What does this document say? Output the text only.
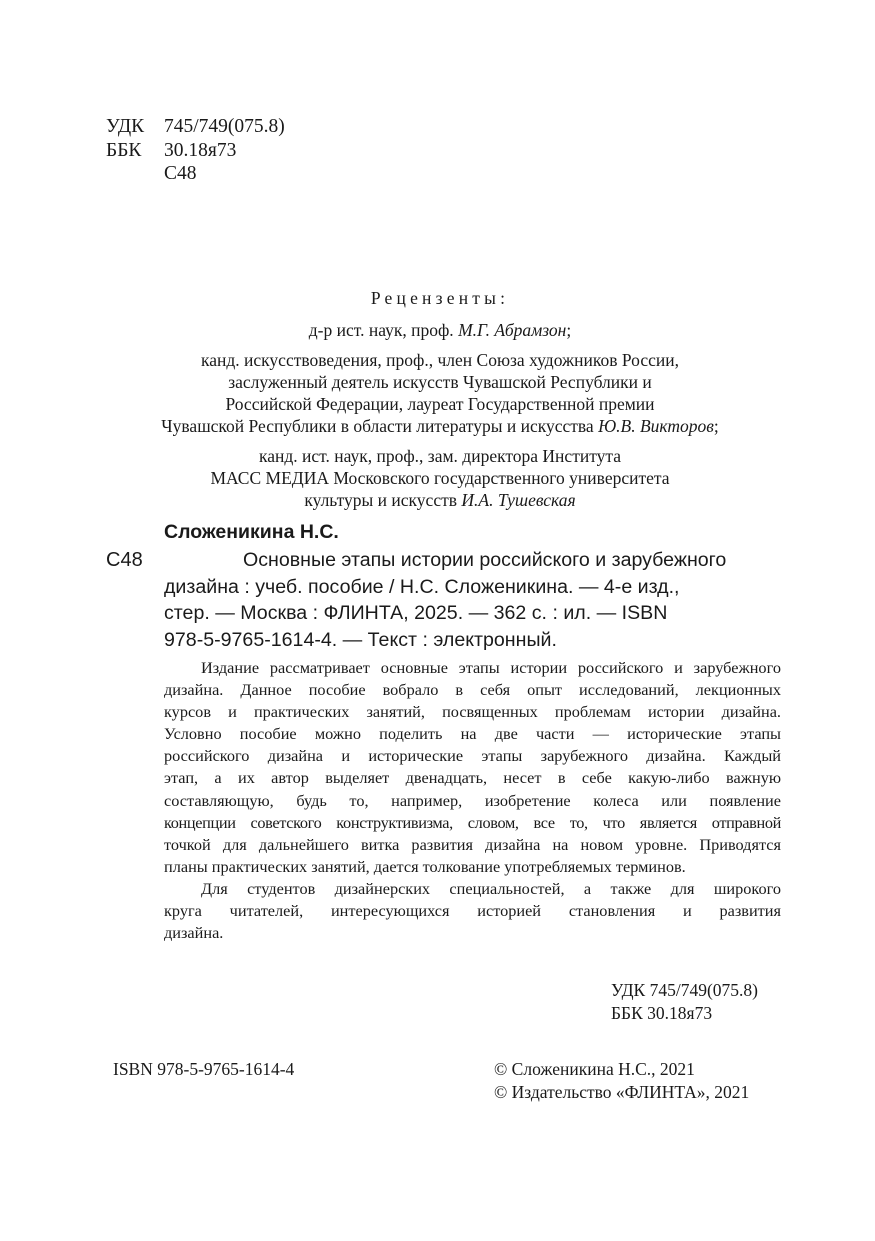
УДК	745/749(075.8)
ББК	30.18я73
С48
Рецензенты:
д-р ист. наук, проф. М.Г. Абрамзон;
канд. искусствоведения, проф., член Союза художников России,
заслуженный деятель искусств Чувашской Республики и
Российской Федерации, лауреат Государственной премии
Чувашской Республики в области литературы и искусства Ю.В. Викторов;
канд. ист. наук, проф., зам. директора Института
МАСС МЕДИА Московского государственного университета
культуры и искусств И.А. Тушевская
Сложеникина Н.С.
С48	Основные этапы истории российского и зарубежного
дизайна : учеб. пособие / Н.С. Сложеникина. — 4-е изд.,
стер. — Москва : ФЛИНТА, 2025. — 362 с. : ил. — ISBN
978-5-9765-1614-4. — Текст : электронный.

Издание рассматривает основные этапы истории российского и зарубежного
дизайна. Данное пособие вобрало в себя опыт исследований, лекционных
курсов и практических занятий, посвященных проблемам истории дизайна.
Условно пособие можно поделить на две части — исторические этапы
российского дизайна и исторические этапы зарубежного дизайна. Каждый
этап, а их автор выделяет двенадцать, несет в себе какую-либо важную
составляющую, будь то, например, изобретение колеса или появление
концепции советского конструктивизма, словом, все то, что является отправной
точкой для дальнейшего витка развития дизайна на новом уровне. Приводятся
планы практических занятий, дается толкование употребляемых терминов.

Для студентов дизайнерских специальностей, а также для широкого
круга читателей, интересующихся историей становления и развития
дизайна.

УДК 745/749(075.8)
ББК 30.18я73
ISBN 978-5-9765-1614-4	© Сложеникина Н.С., 2021
© Издательство «ФЛИНТА», 2021
